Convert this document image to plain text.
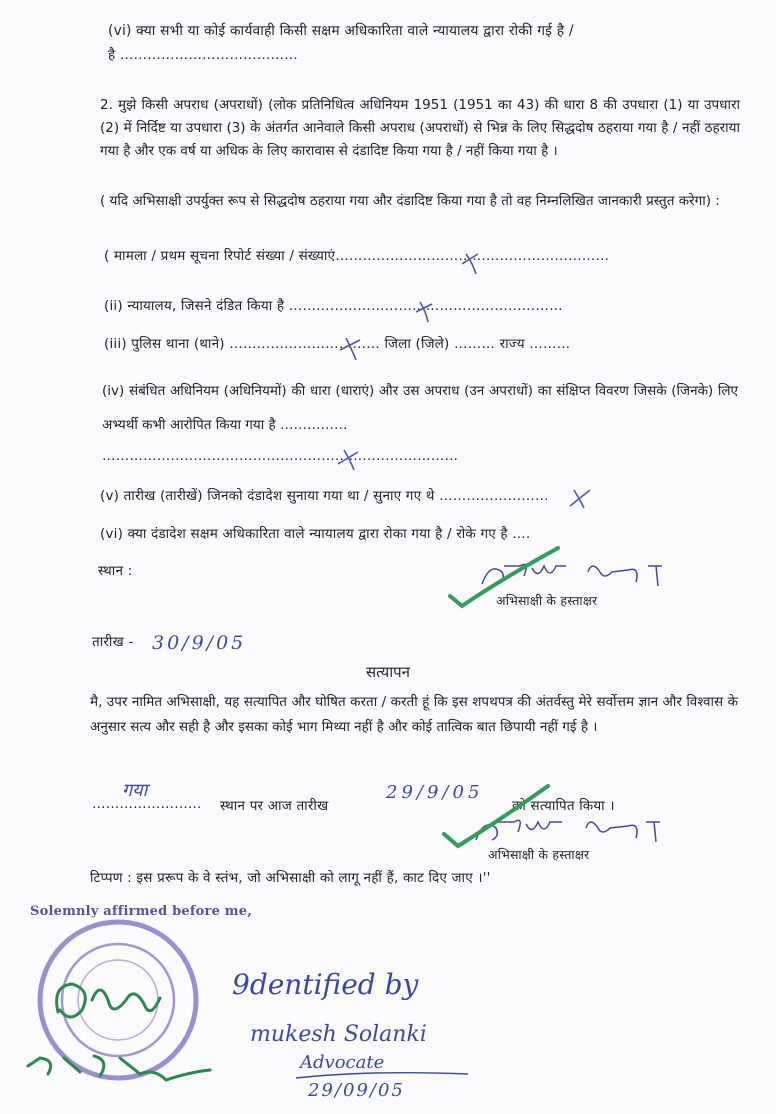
(vi) क्या सभी या कोई कार्यवाही किसी सक्षम अधिकारिता वाले न्यायालय द्वारा रोकी गई है /
है …………………………………
2. मुझे किसी अपराध (अपराधों) (लोक प्रतिनिधित्व अधिनियम 1951 (1951 का 43) की धारा 8 की उपधारा (1) या उपधारा (2) में निर्दिष्ट या उपधारा (3) के अंतर्गत आनेवाले किसी अपराध (अपराधों) से भिन्न के लिए सिद्धदोष ठहराया गया है / नहीं ठहराया गया है और एक वर्ष या अधिक के लिए कारावास से दंडादिष्ट किया गया है / नहीं किया गया है ।
( यदि अभिसाक्षी उपर्युक्त रूप से सिद्धदोष ठहराया गया और दंडादिष्ट किया गया है तो वह निम्नलिखित जानकारी प्रस्तुत करेगा) :
( मामला / प्रथम सूचना रिपोर्ट संख्या / संख्याएं……………………………………………………
(ii) न्यायालय, जिसने दंडित किया है ……………………………………………………
(iii) पुलिस थाना (थाने) …………………………… जिला (जिले) ……… राज्य ………
(iv) संबंधित अधिनियम (अधिनियमों) की धारा (धाराएं) और उस अपराध (उन अपराधों) का संक्षिप्त विवरण जिसके (जिनके) लिए अभ्यर्थी कभी आरोपित किया गया है ……………
……………………………………………………………………
(v) तारीख (तारीखें) जिनको दंडादेश सुनाया गया था / सुनाए गए थे ……………………
(vi) क्या दंडादेश सक्षम अधिकारिता वाले न्यायालय द्वारा रोका गया है / रोके गए है ….
स्थान :
अभिसाक्षी के हस्ताक्षर
तारीख - 30/9/05
सत्यापन
मै, उपर नामित अभिसाक्षी, यह सत्यापित और घोषित करता / करती हूं कि इस शपथपत्र की अंतर्वस्तु मेरे सर्वोत्तम ज्ञान और विश्वास के अनुसार सत्य और सही है और इसका कोई भाग मिथ्या नहीं है और कोई तात्विक बात छिपायी नहीं गई है ।
……………………
गया
स्थान पर आज तारीख
29/9/05
को सत्यापित किया ।
अभिसाक्षी के हस्ताक्षर
टिप्पण : इस प्ररूप के वे स्तंभ, जो अभिसाक्षी को लागू नहीं हैं, काट दिए जाए ।''
Solemnly affirmed before me,
9dentified by
mukesh Solanki
Advocate
29/09/05
